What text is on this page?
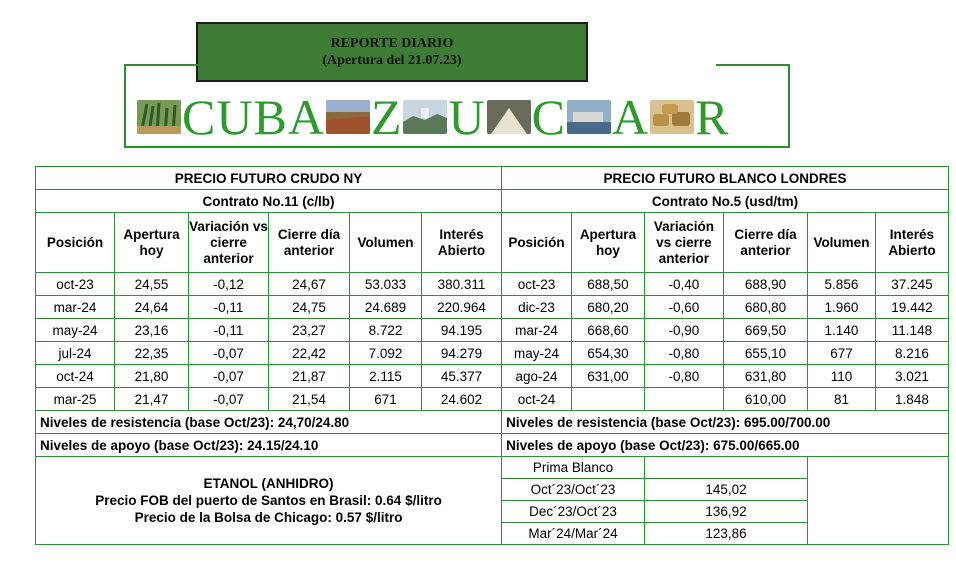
REPORTE DIARIO
(Apertura del 21.07.23)
C U B A Z U C A R
PRECIO FUTURO CRUDO NY						PRECIO FUTURO BLANCO LONDRES					
Contrato No.11 (c/lb)						Contrato No.5 (usd/tm)					
Posición	Apertura hoy	Variación vs cierre anterior	Cierre día anterior	Volumen	Interés Abierto	Posición	Apertura hoy	Variación vs cierre anterior	Cierre día anterior	Volumen	Interés Abierto
oct-23	24,55	-0,12	24,67	53.033	380.311	oct-23	688,50	-0,40	688,90	5.856	37.245
mar-24	24,64	-0,11	24,75	24.689	220.964	dic-23	680,20	-0,60	680,80	1.960	19.442
may-24	23,16	-0,11	23,27	8.722	94.195	mar-24	668,60	-0,90	669,50	1.140	11.148
jul-24	22,35	-0,07	22,42	7.092	94.279	may-24	654,30	-0,80	655,10	677	8.216
oct-24	21,80	-0,07	21,87	2.115	45.377	ago-24	631,00	-0,80	631,80	110	3.021
mar-25	21,47	-0,07	21,54	671	24.602	oct-24			610,00	81	1.848
Niveles de resistencia (base Oct/23): 24,70/24.80						Niveles de resistencia (base Oct/23): 695.00/700.00					
Niveles de apoyo (base Oct/23): 24.15/24.10						Niveles de apoyo (base Oct/23): 675.00/665.00					

ETANOL (ANHIDRO)
Precio FOB del puerto de Santos en Brasil: 0.64 $/litro
Precio de la Bolsa de Chicago: 0.57 $/litro						Prima Blanco					
						Oct´23/Oct´23		145,02			
						Dec´23/Oct´23		136,92			
						Mar´24/Mar´24		123,86			
